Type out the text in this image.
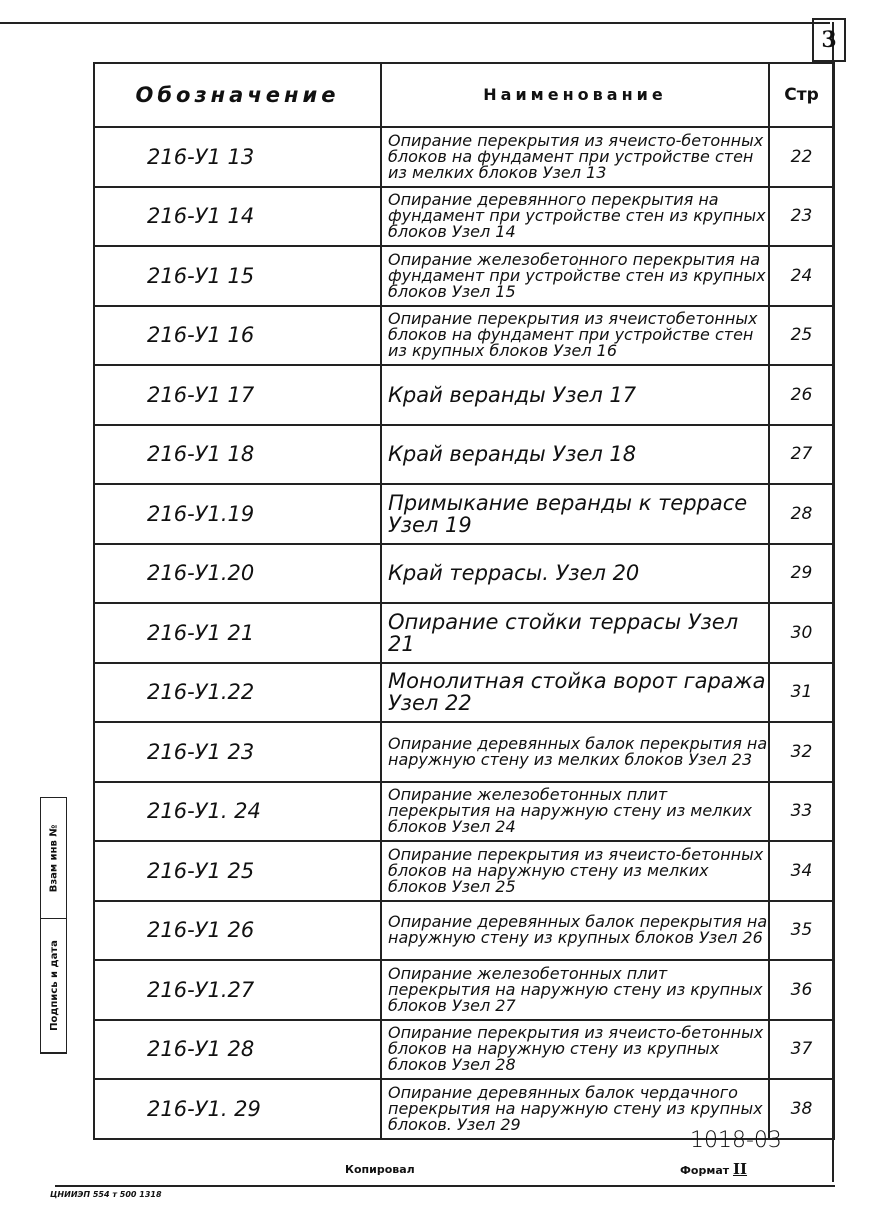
3
Взам инв №
Подпись и дата
Обозначение	Наименование	Стр
216-У1 13	Опирание перекрытия из ячеисто-бетонных блоков на фундамент при устройстве стен из мелких блоков Узел 13	22
216-У1 14	Опирание деревянного перекрытия на фундамент при устройстве стен из крупных блоков Узел 14	23
216-У1 15	Опирание железобетонного перекрытия на фундамент при устройстве стен из крупных блоков Узел 15	24
216-У1 16	Опирание перекрытия из ячеистобетонных блоков на фундамент при устройстве стен из крупных блоков Узел 16	25
216-У1 17	Край веранды Узел 17	26
216-У1 18	Край веранды Узел 18	27
216-У1.19	Примыкание веранды к террасе Узел 19	28
216-У1.20	Край террасы. Узел 20	29
216-У1 21	Опирание стойки террасы Узел 21	30
216-У1.22	Монолитная стойка ворот гаража Узел 22	31
216-У1 23	Опирание деревянных балок перекрытия на наружную стену из мелких блоков Узел 23	32
216-У1. 24	Опирание железобетонных плит перекрытия на наружную стену из мелких блоков Узел 24	33
216-У1 25	Опирание перекрытия из ячеисто-бетонных блоков на наружную стену из мелких блоков Узел 25	34
216-У1 26	Опирание деревянных балок перекрытия на наружную стену из крупных блоков Узел 26	35
216-У1.27	Опирание железобетонных плит перекрытия на наружную стену из крупных блоков Узел 27	36
216-У1 28	Опирание перекрытия из ячеисто-бетонных блоков на наружную стену из крупных блоков Узел 28	37
216-У1. 29	Опирание деревянных балок чердачного перекрытия на наружную стену из крупных блоков. Узел 29	38
1018-03
Копировал	Формат II
ЦНИИЭП 554 т 500 1318
